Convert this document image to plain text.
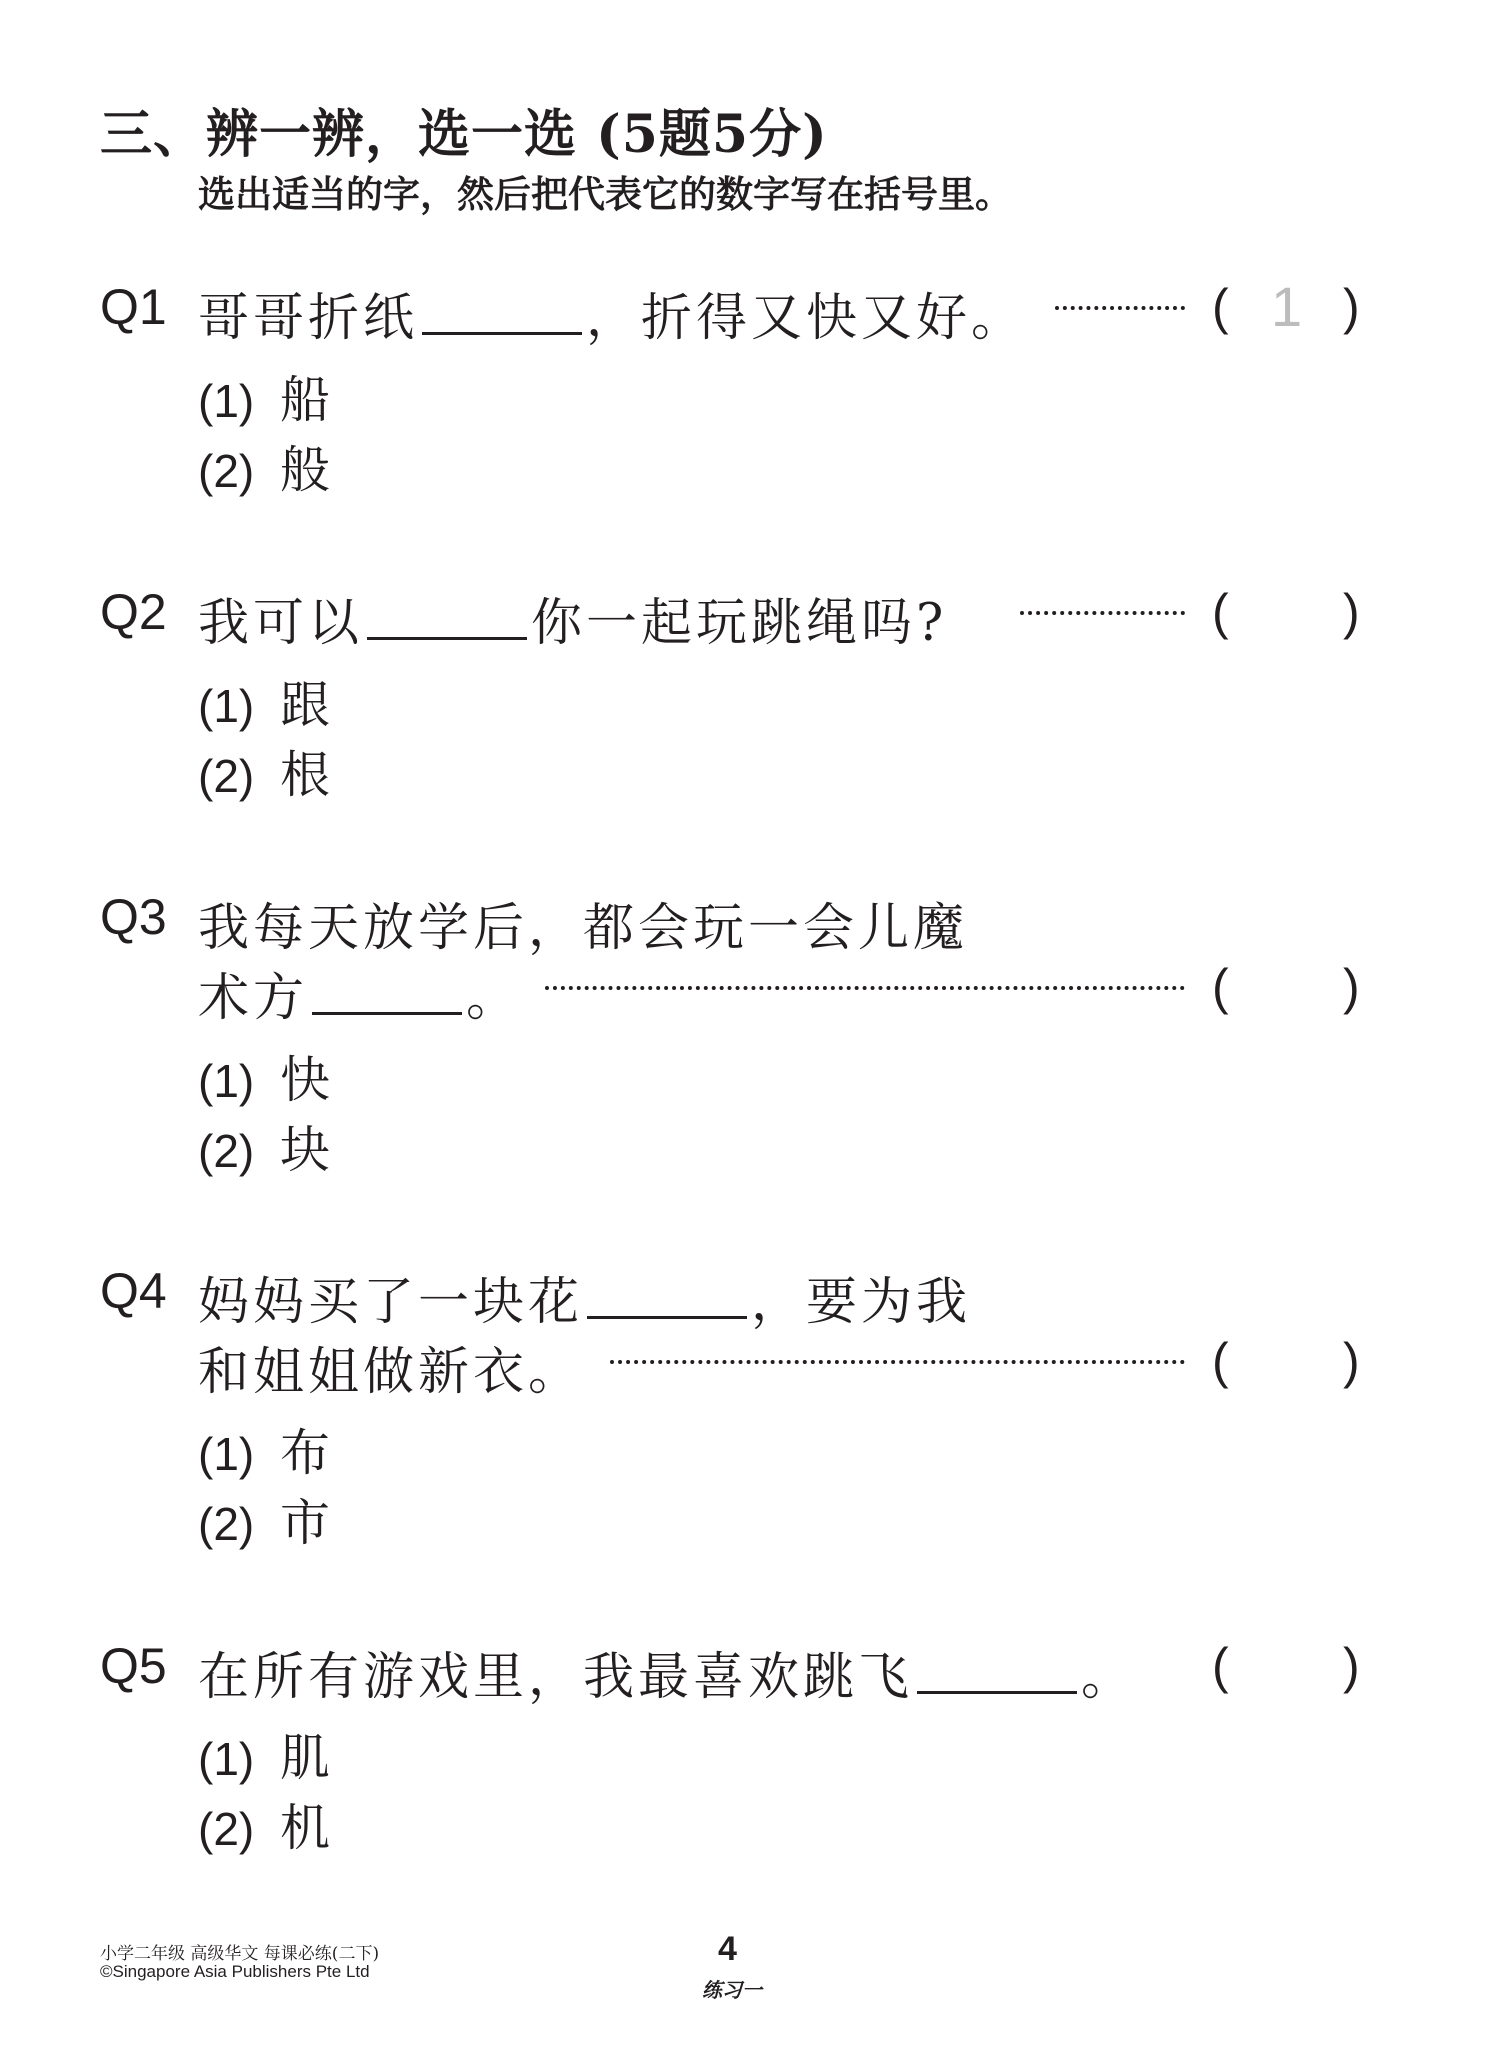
三、辨一辨，选一选 (5题5分)
选出适当的字，然后把代表它的数字写在括号里。
Q1 哥哥折纸	，折得又快又好。	( 1 )
(1) 船
(2) 般
Q2 我可以	你一起玩跳绳吗?	( )
(1) 跟
(2) 根
Q3 我每天放学后，都会玩一会儿魔
术方	。	( )
(1) 快
(2) 块
Q4 妈妈买了一块花	，要为我
和姐姐做新衣。	( )
(1) 布
(2) 市
Q5 在所有游戏里，我最喜欢跳飞	。 ( )
(1) 肌
(2) 机
小学二年级 高级华文 每课必练(二下)
©Singapore Asia Publishers Pte Ltd
4
练习一
